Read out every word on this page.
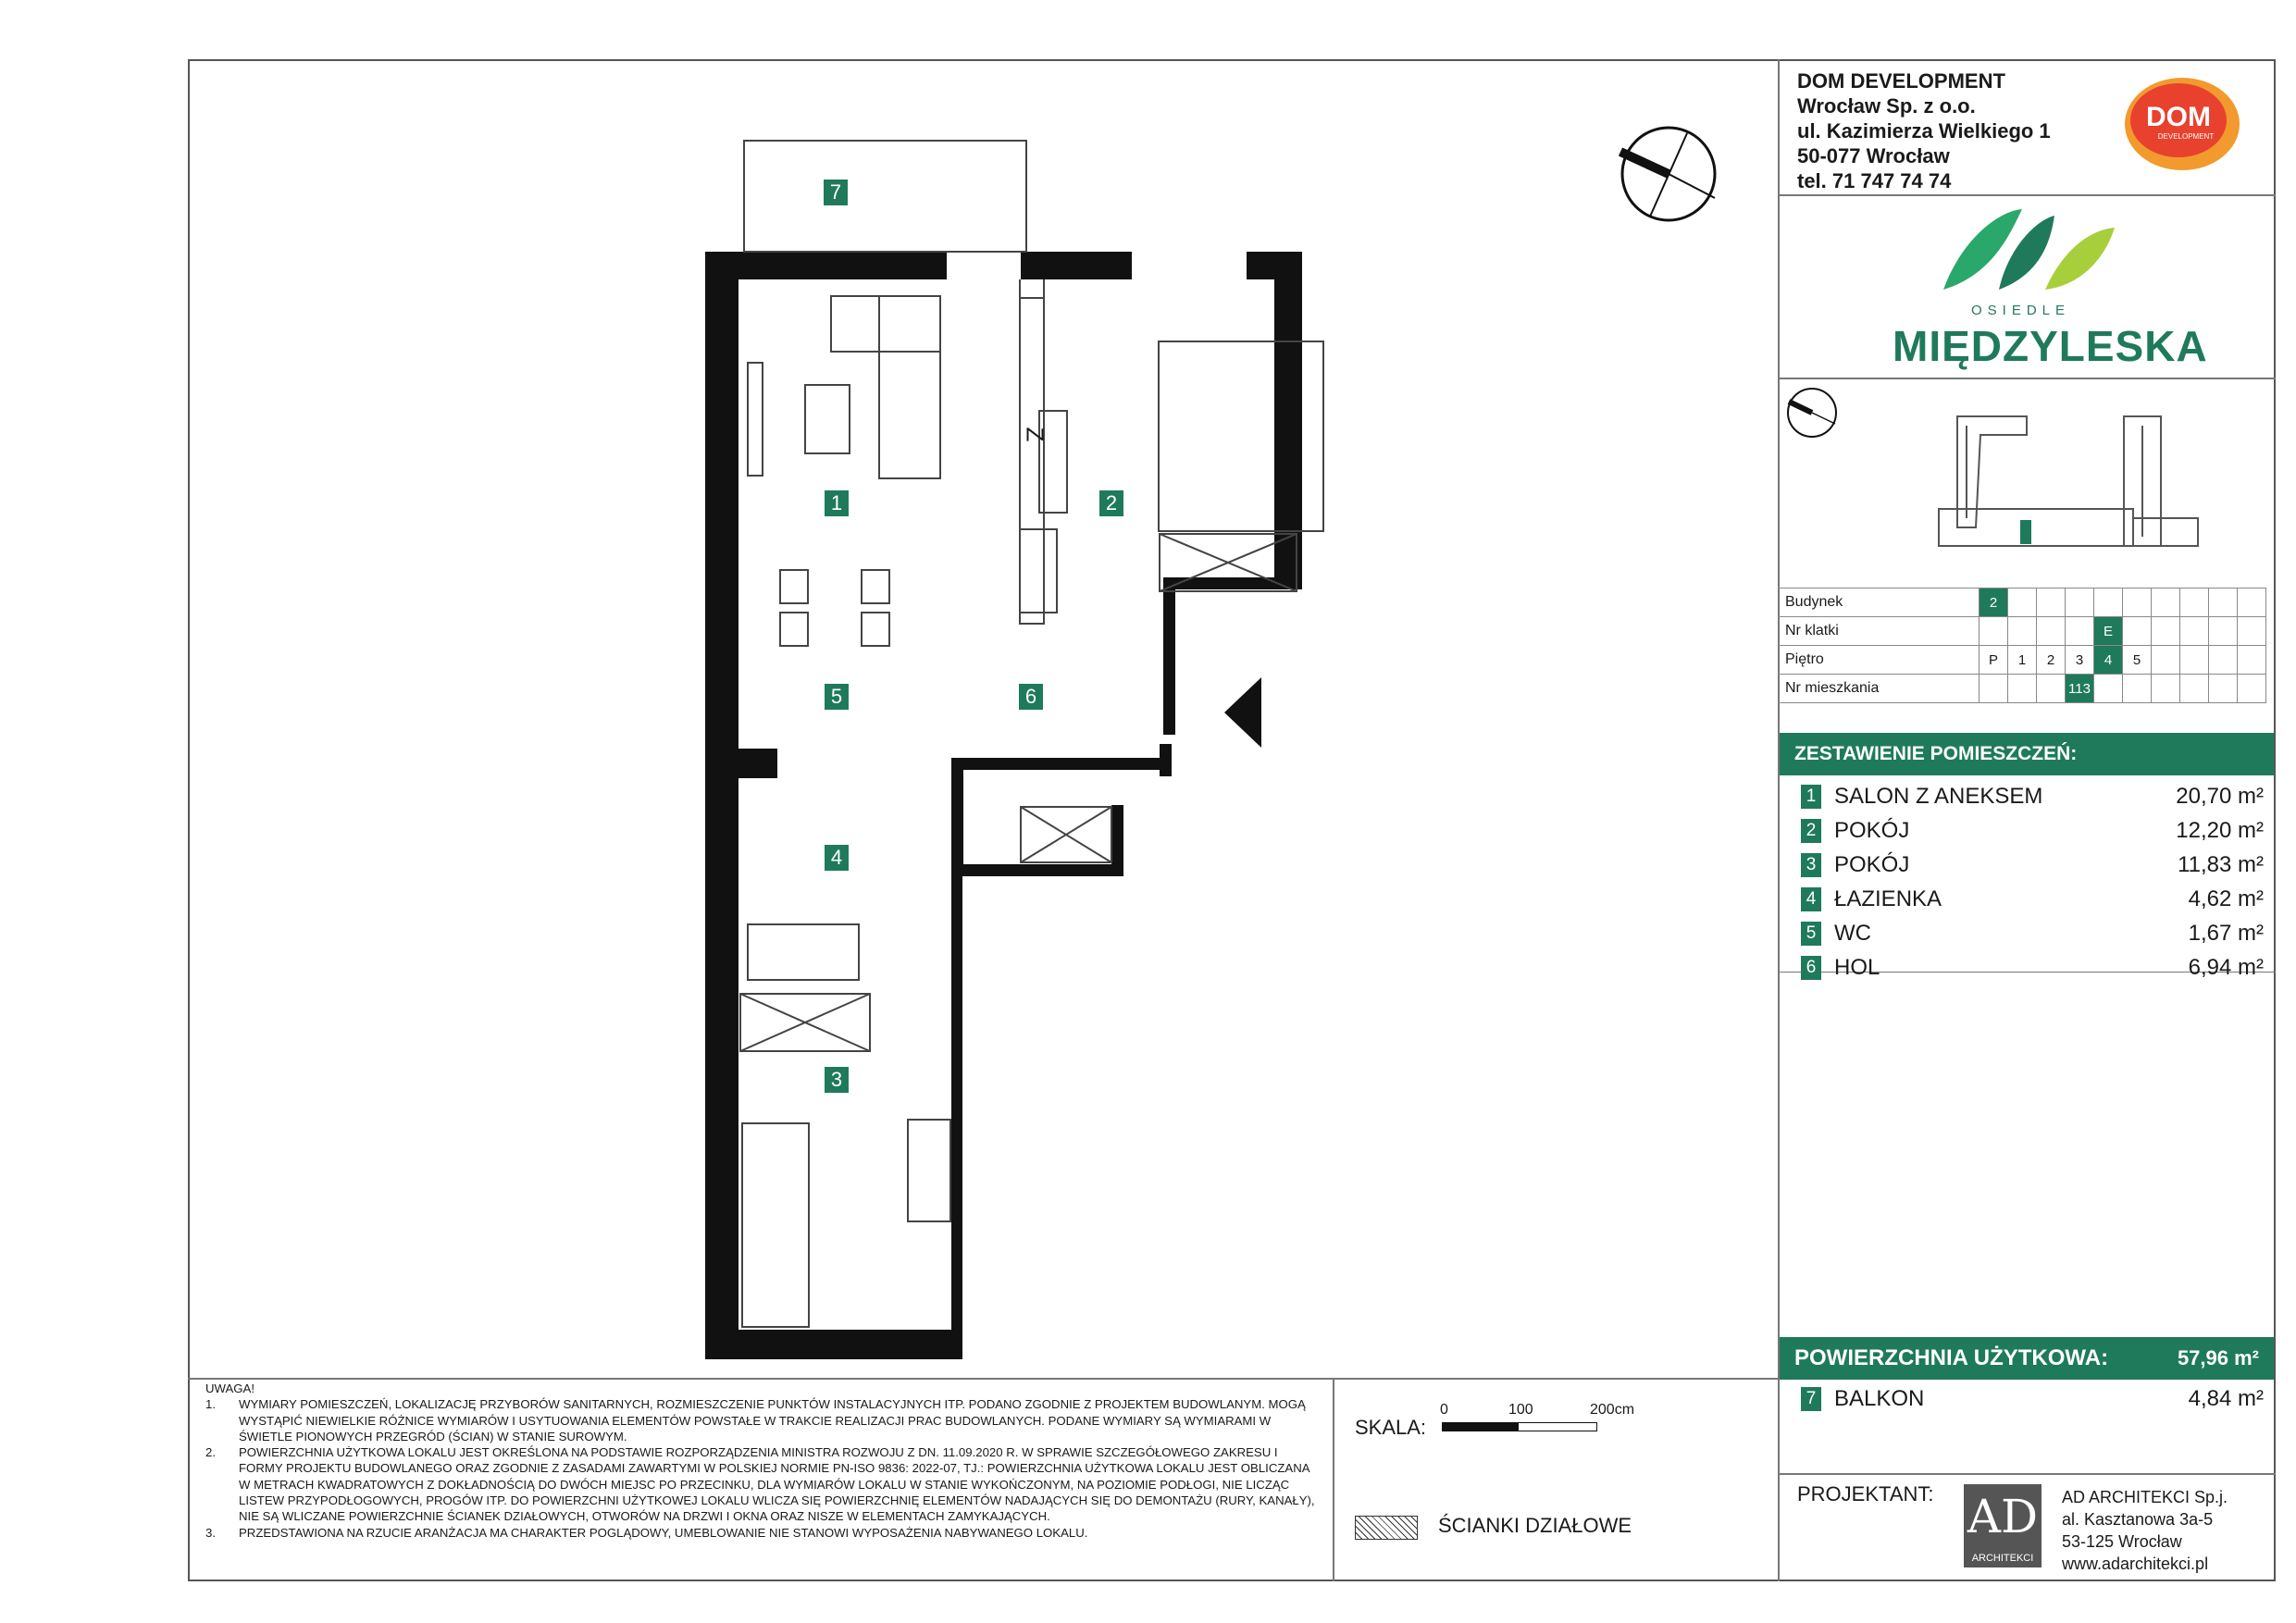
7
1	2
5	6
4
3
Z
DOM DEVELOPMENT
Wrocław Sp. z o.o.
ul. Kazimierza Wielkiego 1
50-077 Wrocław
tel. 71 747 74 74
DOM
DEVELOPMENT
OSIEDLE
MIĘDZYLESKA
Budynek	2									
Nr klatki					E					
Piętro	P	1	2	3	4	5				
Nr mieszkania				113						
ZESTAWIENIE POMIESZCZEŃ:
1 SALON Z ANEKSEM	20,70 m²
2 POKÓJ	12,20 m²
3 POKÓJ	11,83 m²
4 ŁAZIENKA	4,62 m²
5 WC	1,67 m²
6 HOL	6,94 m²
POWIERZCHNIA UŻYTKOWA:	57,96 m²
7 BALKON	4,84 m²
PROJEKTANT: AD
ARCHITEKCI
AD ARCHITEKCI Sp.j.
al. Kasztanowa 3a-5
53-125 Wrocław
www.adarchitekci.pl
UWAGA!
1. WYMIARY POMIESZCZEŃ, LOKALIZACJĘ PRZYBORÓW SANITARNYCH, ROZMIESZCZENIE PUNKTÓW INSTALACYJNYCH ITP. PODANO ZGODNIE Z PROJEKTEM BUDOWLANYM. MOGĄ WYSTĄPIĆ NIEWIELKIE RÓŻNICE WYMIARÓW I USYTUOWANIA ELEMENTÓW POWSTAŁE W TRAKCIE REALIZACJI PRAC BUDOWLANYCH. PODANE WYMIARY SĄ WYMIARAMI W ŚWIETLE PIONOWYCH PRZEGRÓD (ŚCIAN) W STANIE SUROWYM.
2. POWIERZCHNIA UŻYTKOWA LOKALU JEST OKREŚLONA NA PODSTAWIE ROZPORZĄDZENIA MINISTRA ROZWOJU Z DN. 11.09.2020 R. W SPRAWIE SZCZEGÓŁOWEGO ZAKRESU I FORMY PROJEKTU BUDOWLANEGO ORAZ ZGODNIE Z ZASADAMI ZAWARTYMI W POLSKIEJ NORMIE PN-ISO 9836: 2022-07, TJ.: POWIERZCHNIA UŻYTKOWA LOKALU JEST OBLICZANA W METRACH KWADRATOWYCH Z DOKŁADNOŚCIĄ DO DWÓCH MIEJSC PO PRZECINKU, DLA WYMIARÓW LOKALU W STANIE WYKOŃCZONYM, NA POZIOMIE PODŁOGI, NIE LICZĄC LISTEW PRZYPODŁOGOWYCH, PROGÓW ITP. DO POWIERZCHNI UŻYTKOWEJ LOKALU WLICZA SIĘ POWIERZCHNIĘ ELEMENTÓW NADAJĄCYCH SIĘ DO DEMONTAŻU (RURY, KANAŁY), NIE SĄ WLICZANE POWIERZCHNIE ŚCIANEK DZIAŁOWYCH, OTWORÓW NA DRZWI I OKNA ORAZ NISZE W ELEMENTACH ZAMYKAJĄCYCH.
3. PRZEDSTAWIONA NA RZUCIE ARANŻACJA MA CHARAKTER POGLĄDOWY, UMEBLOWANIE NIE STANOWI WYPOSAŻENIA NABYWANEGO LOKALU.
SKALA:
0	100	200cm
ŚCIANKI DZIAŁOWE
